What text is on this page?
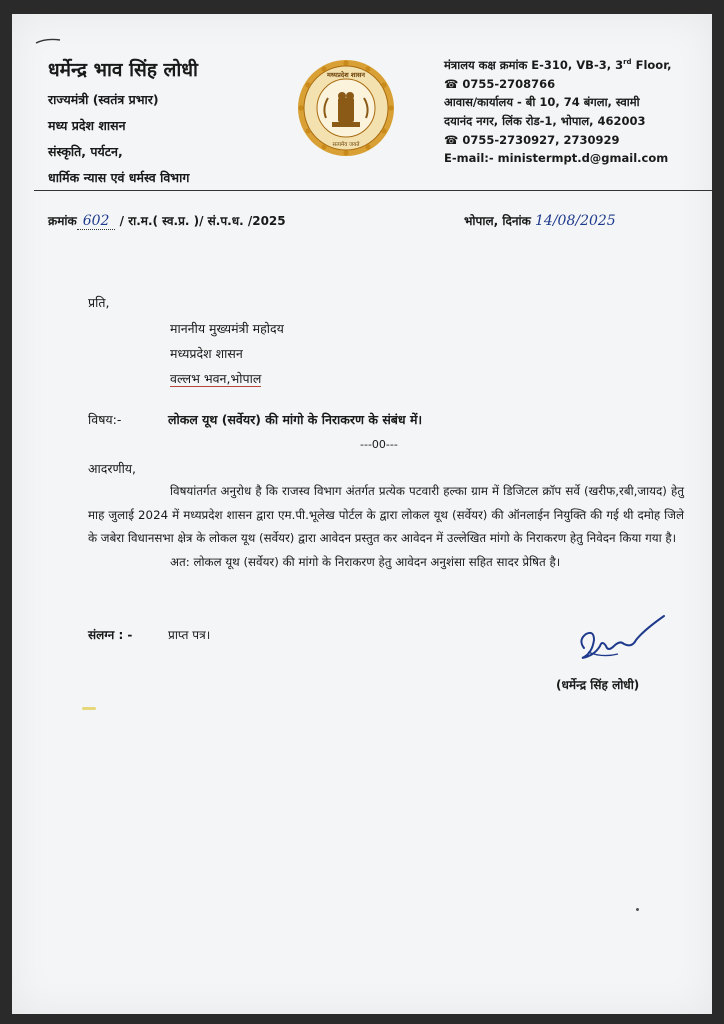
धर्मेन्द्र भाव सिंह लोधी
राज्यमंत्री (स्वतंत्र प्रभार)
मध्य प्रदेश शासन
संस्कृति, पर्यटन,
धार्मिक न्यास एवं धर्मस्व विभाग
मध्यप्रदेश शासन
सत्यमेव जयते
मंत्रालय कक्ष क्रमांक E-310, VB-3, 3rd Floor,
☎ 0755-2708766
आवास/कार्यालय - बी 10, 74 बंगला, स्वामी
दयानंद नगर, लिंक रोड-1, भोपाल, 462003
☎ 0755-2730927, 2730929
E-mail:- ministermpt.d@gmail.com
क्रमांक 602 / रा.म.( स्व.प्र. )/ सं.प.ध. /2025	भोपाल, दिनांक 14/08/2025
प्रति,
माननीय मुख्यमंत्री महोदय
मध्यप्रदेश शासन
वल्लभ भवन,भोपाल
विषय:-	लोकल यूथ (सर्वेयर) की मांगो के निराकरण के संबंध में।
---00---
आदरणीय,

विषयांतर्गत अनुरोध है कि राजस्व विभाग अंतर्गत प्रत्येक पटवारी हल्का ग्राम में डिजिटल क्रॉप सर्वे (खरीफ,रबी,जायद) हेतु माह जुलाई 2024 में मध्यप्रदेश शासन द्वारा एम.पी.भूलेख पोर्टल के द्वारा लोकल यूथ (सर्वेयर) की ऑनलाईन नियुक्ति की गई थी दमोह जिले के जबेरा विधानसभा क्षेत्र के लोकल यूथ (सर्वेयर) द्वारा आवेदन प्रस्तुत कर आवेदन में उल्लेखित मांगो के निराकरण हेतु निवेदन किया गया है।

अत: लोकल यूथ (सर्वेयर) की मांगो के निराकरण हेतु आवेदन अनुशंसा सहित सादर प्रेषित है।

संलग्न : -	प्राप्त पत्र।
(धर्मेन्द्र सिंह लोधी)
